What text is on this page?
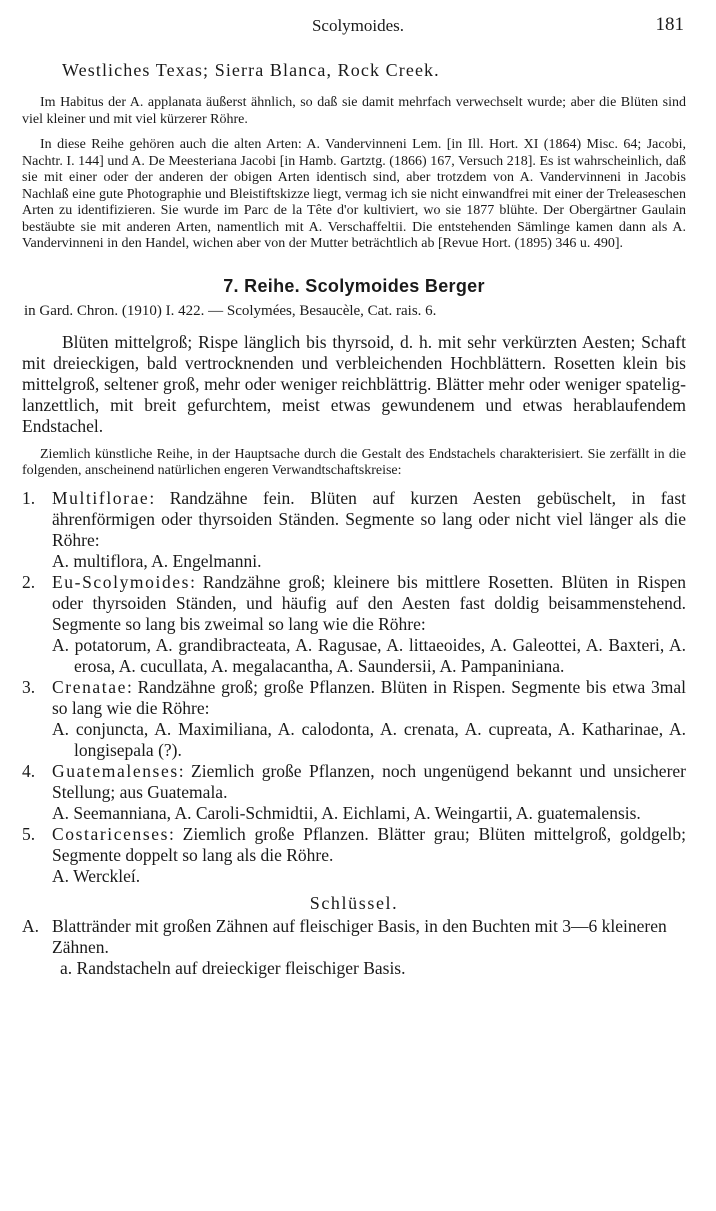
Scolymoides.	181

Westliches Texas; Sierra Blanca, Rock Creek.

Im Habitus der A. applanata äußerst ähnlich, so daß sie damit mehrfach verwechselt wurde; aber die Blüten sind viel kleiner und mit viel kürzerer Röhre.

In diese Reihe gehören auch die alten Arten: A. Vandervinneni Lem. [in Ill. Hort. XI (1864) Misc. 64; Jacobi, Nachtr. I. 144] und A. De Meesteriana Jacobi [in Hamb. Gartztg. (1866) 167, Versuch 218]. Es ist wahrscheinlich, daß sie mit einer oder der anderen der obigen Arten identisch sind, aber trotzdem von A. Vandervinneni in Jacobis Nachlaß eine gute Photographie und Bleistiftskizze liegt, vermag ich sie nicht einwandfrei mit einer der Treleaseschen Arten zu identifizieren. Sie wurde im Parc de la Tête d'or kultiviert, wo sie 1877 blühte. Der Obergärtner Gaulain bestäubte sie mit anderen Arten, namentlich mit A. Verschaffeltii. Die entstehenden Sämlinge kamen dann als A. Vandervinneni in den Handel, wichen aber von der Mutter beträchtlich ab [Revue Hort. (1895) 346 u. 490].

7. Reihe. Scolymoides Berger

in Gard. Chron. (1910) I. 422. — Scolymées, Besaucèle, Cat. rais. 6.

Blüten mittelgroß; Rispe länglich bis thyrsoid, d. h. mit sehr verkürzten Aesten; Schaft mit dreieckigen, bald vertrocknenden und verbleichenden Hochblättern. Rosetten klein bis mittelgroß, seltener groß, mehr oder weniger reichblättrig. Blätter mehr oder weniger spatelig-lanzettlich, mit breit gefurchtem, meist etwas gewundenem und etwas herablaufendem Endstachel.

Ziemlich künstliche Reihe, in der Hauptsache durch die Gestalt des Endstachels charakterisiert. Sie zerfällt in die folgenden, anscheinend natürlichen engeren Verwandtschaftskreise:

1. Multiflorae: Randzähne fein. Blüten auf kurzen Aesten gebüschelt, in fast ährenförmigen oder thyrsoiden Ständen. Segmente so lang oder nicht viel länger als die Röhre:
A. multiflora, A. Engelmanni.
2. Eu-Scolymoides: Randzähne groß; kleinere bis mittlere Rosetten. Blüten in Rispen oder thyrsoiden Ständen, und häufig auf den Aesten fast doldig beisammenstehend. Segmente so lang bis zweimal so lang wie die Röhre:
A. potatorum, A. grandibracteata, A. Ragusae, A. littaeoides, A. Galeottei, A. Baxteri, A. erosa, A. cucullata, A. megalacantha, A. Saundersii, A. Pampaniniana.
3. Crenatae: Randzähne groß; große Pflanzen. Blüten in Rispen. Segmente bis etwa 3mal so lang wie die Röhre:
A. conjuncta, A. Maximiliana, A. calodonta, A. crenata, A. cupreata, A. Katharinae, A. longisepala (?).
4. Guatemalenses: Ziemlich große Pflanzen, noch ungenügend bekannt und unsicherer Stellung; aus Guatemala.
A. Seemanniana, A. Caroli-Schmidtii, A. Eichlami, A. Weingartii, A. guatemalensis.
5. Costaricenses: Ziemlich große Pflanzen. Blätter grau; Blüten mittelgroß, goldgelb; Segmente doppelt so lang als die Röhre.
A. Werckleí.
Schlüssel.
A. Blattränder mit großen Zähnen auf fleischiger Basis, in den Buchten mit 3—6 kleineren Zähnen.
a. Randstacheln auf dreieckiger fleischiger Basis.
